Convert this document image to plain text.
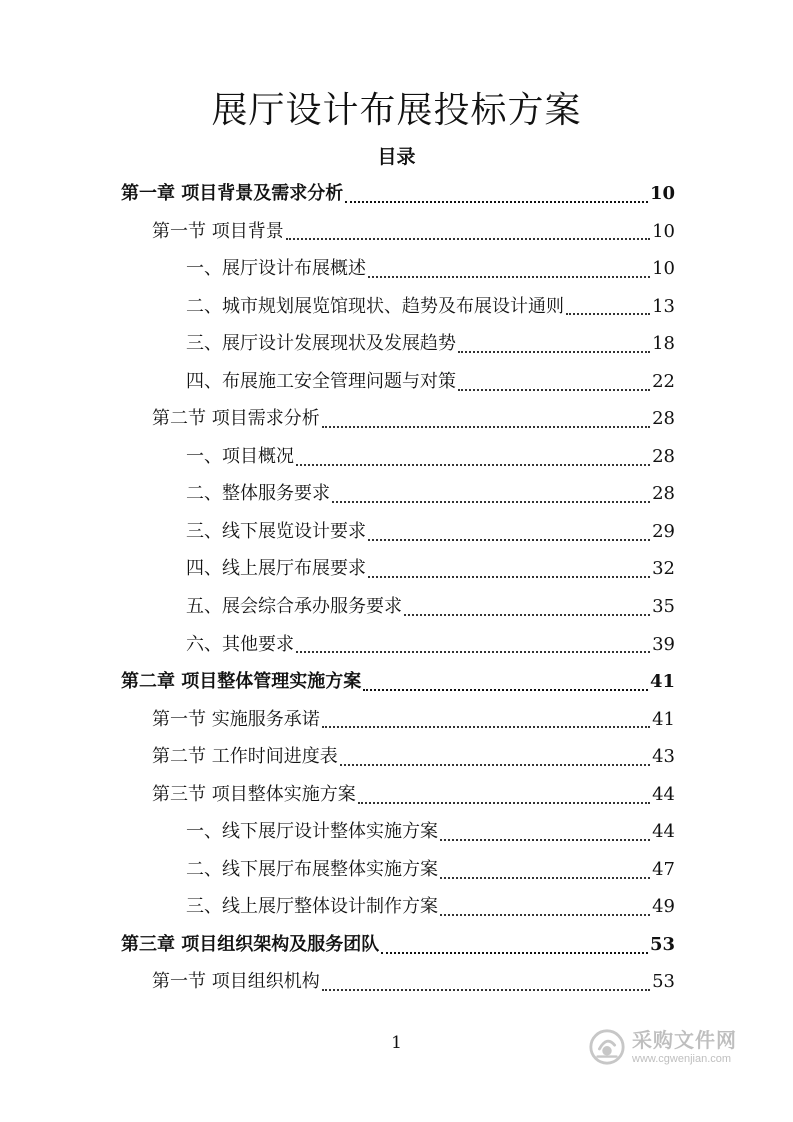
展厅设计布展投标方案
目录
第一章 项目背景及需求分析	10
第一节 项目背景	10
一、展厅设计布展概述	10
二、城市规划展览馆现状、趋势及布展设计通则	13
三、展厅设计发展现状及发展趋势	18
四、布展施工安全管理问题与对策	22
第二节 项目需求分析	28
一、项目概况	28
二、整体服务要求	28
三、线下展览设计要求	29
四、线上展厅布展要求	32
五、展会综合承办服务要求	35
六、其他要求	39
第二章 项目整体管理实施方案	41
第一节 实施服务承诺	41
第二节 工作时间进度表	43
第三节 项目整体实施方案	44
一、线下展厅设计整体实施方案	44
二、线下展厅布展整体实施方案	47
三、线上展厅整体设计制作方案	49
第三章 项目组织架构及服务团队	53
第一节 项目组织机构	53
1	采购文件网
www.cgwenjian.com
